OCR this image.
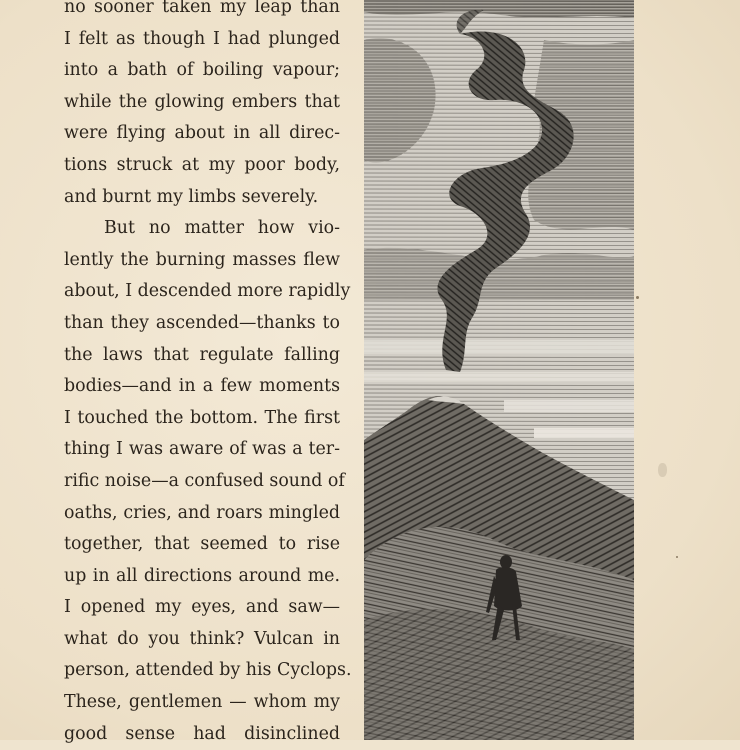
no sooner taken my leap than
I felt as though I had plunged
into a bath of boiling vapour;
while the glowing embers that
were flying about in all direc-
tions struck at my poor body,
and burnt my limbs severely.
But no matter how vio-
lently the burning masses flew
about, I descended more rapidly
than they ascended—thanks to
the laws that regulate falling
bodies—and in a few moments
I touched the bottom. The first
thing I was aware of was a ter-
rific noise—a confused sound of
oaths, cries, and roars mingled
together, that seemed to rise
up in all directions around me.
I opened my eyes, and saw—
what do you think? Vulcan in
person, attended by his Cyclops.
These, gentlemen — whom my
good sense had disinclined
